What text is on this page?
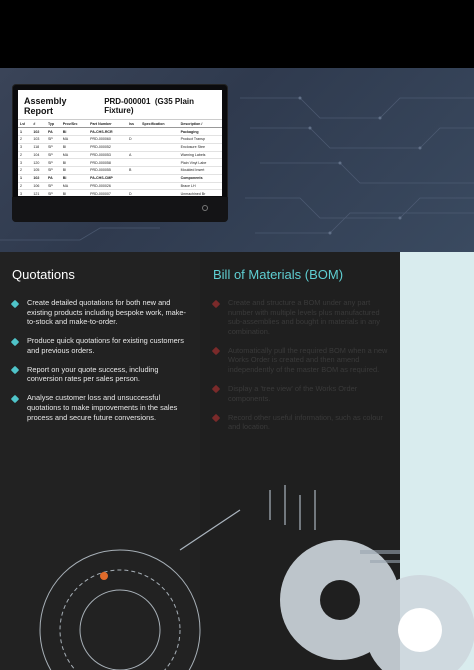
Assembly Report
PRD-000001 (G35 Plain Fixture)
Lvl	#	Typ	Prov/Src	Part Number	Iss	Specification	Description /
1	102	PA	BI	PA-CHS-RCR			Packaging
2	103	SP	MA	PRD-000060	D		Product Transp
3	118	SP	BI	PRD-000052			Enclosure Stee
2	104	SP	MA	PRD-000053	A		Warning Labels
3	120	SP	BI	PRD-000058			Plain Vinyl Labe
2	105	SP	BI	PRD-000055	B		Moulded Insert
1	102	PA	BI	PA-CHS-CMP			Components
2	106	SP	MA	PRD-000026			Brace LH
3	121	SP	BI	PRD-000007	D		Unmachined Br
Quotations
Create detailed quotations for both new and existing products including bespoke work, make-to-stock and make-to-order.
Produce quick quotations for existing customers and previous orders.
Report on your quote success, including conversion rates per sales person.
Analyse customer loss and unsuccessful quotations to make improvements in the sales process and secure future conversions.
Bill of Materials (BOM)
Create and structure a BOM under any part number with multiple levels plus manufactured sub-assemblies and bought in materials in any combination.
Automatically pull the required BOM when a new Works Order is created and then amend independently of the master BOM as required.
Display a 'tree view' of the Works Order components.
Record other useful information, such as colour and location.
